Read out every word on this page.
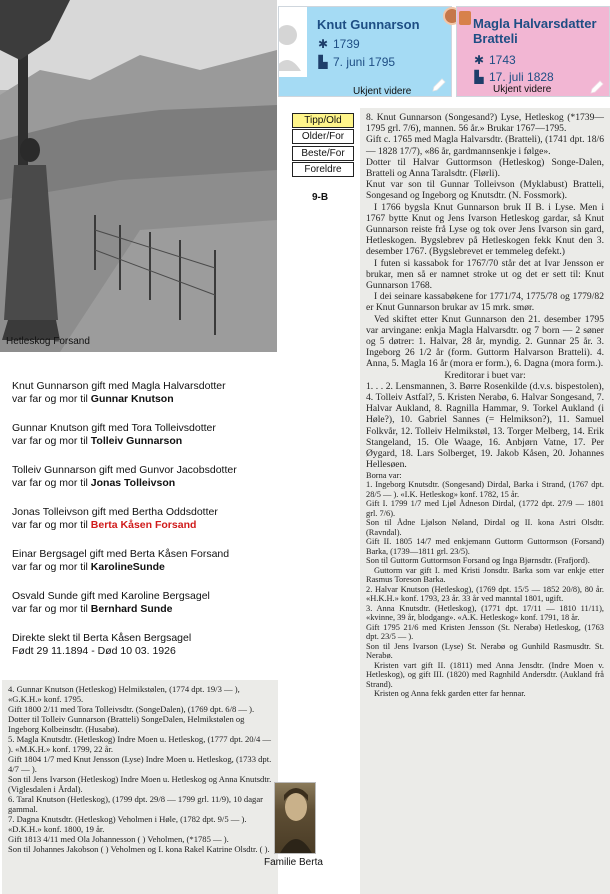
Hetleskog Forsand
Knut Gunnarson
✱ 1739
▙ 7. juni 1795
Ukjent videre
Magla Halvarsdatter Bratteli
✱ 1743
▙ 17. juli 1828
Ukjent videre
Tipp/Old
Older/For
Beste/For
Foreldre
9-B
Knut Gunnarson gift med Magla Halvarsdotter
var far og mor til Gunnar Knutson
Gunnar Knutson gift med Tora Tolleivsdotter
var far og mor til Tolleiv Gunnarson
Tolleiv Gunnarson gift med Gunvor Jacobsdotter
var far og mor til Jonas Tolleivson
Jonas Tolleivson gift med Bertha Oddsdotter
var far og mor til Berta Kåsen Forsand
Einar Bergsagel gift med Berta Kåsen Forsand
var far og mor til KarolineSunde
Osvald Sunde gift med Karoline Bergsagel
var far og mor til Bernhard Sunde
Direkte slekt til Berta Kåsen Bergsagel
Født 29 11.1894 - Død 10 03. 1926

8. Knut Gunnarson (Songesand?) Lyse, Hetleskog (*1739—1795 grl. 7/6), mannen. 56 år.» Brukar 1767—1795.

Gift c. 1765 med Magla Halvarsdtr. (Bratteli), (1741 dpt. 18/6 — 1828 17/7), «86 år, gardmannsenkje i følge».

Dotter til Halvar Guttormson (Hetleskog) Songe-Dalen, Bratteli og Anna Taralsdtr. (Flørli).

Knut var son til Gunnar Tolleivson (Myklabust) Bratteli, Songesand og Ingeborg og Knutsdtr. (N. Fossmork).

I 1766 bygsla Knut Gunnarson bruk II B. i Lyse. Men i 1767 bytte Knut og Jens Ivarson Hetleskog gardar, så Knut Gunnarson reiste frå Lyse og tok over Jens Ivarson sin gard, Hetleskogen. Bygslebrev på Hetleskogen fekk Knut den 3. desember 1767. (Bygslebrevet er temmeleg defekt.)

I futen si kassabok for 1767/70 står det at Ivar Jensson er brukar, men så er namnet stroke ut og det er sett til: Knut Gunnarson 1768.

I dei seinare kassabøkene for 1771/74, 1775/78 og 1779/82 er Knut Gunnarson brukar av 15 mrk. smør.

Ved skiftet etter Knut Gunnarson den 21. desember 1795 var arvingane: enkja Magla Halvarsdtr. og 7 born — 2 søner og 5 døtrer: 1. Halvar, 28 år, myndig. 2. Gunnar 25 år. 3. Ingeborg 26 1/2 år (form. Guttorm Halvarson Bratteli). 4. Anna, 5. Magla 16 år (mora er form.), 6. Dagna (mora form.).

Kreditorar i buet var:

1. . . 2. Lensmannen, 3. Børre Rosenkilde (d.v.s. bispestolen), 4. Tolleiv Astfal?, 5. Kristen Nerabø, 6. Halvar Songesand, 7. Halvar Aukland, 8. Ragnilla Hammar, 9. Torkel Aukland (i Høle?), 10. Gabriel Sannes (= Helmikson?), 11. Samuel Folkvår, 12. Tolleiv Helmikstøl, 13. Torger Melberg, 14. Erik Stangeland, 15. Ole Waage, 16. Anbjørn Vatne, 17. Per Øygard, 18. Lars Solberget, 19. Jakob Kåsen, 20. Johannes Hellesøen.

Borna var:

1. Ingeborg Knutsdtr. (Songesand) Dirdal, Barka i Strand, (1767 dpt. 28/5 — ). «I.K. Hetleskog» konf. 1782, 15 år.

Gift I. 1799 1/7 med Ljøl Ådneson Dirdal, (1772 dpt. 27/9 — 1801 grl. 7/6).

Son til Ådne Ljølson Nøland, Dirdal og II. kona Astri Olsdtr. (Ravndal).

Gift II. 1805 14/7 med enkjemann Guttorm Guttormson (Forsand) Barka, (1739—1811 grl. 23/5).

Son til Guttorm Guttormson Forsand og Inga Bjørnsdtr. (Frafjord).

Guttorm var gift I. med Kristi Jonsdtr. Barka som var enkje etter Rasmus Toreson Barka.

2. Halvar Knutson (Hetleskog), (1769 dpt. 15/5 — 1852 20/8), 80 år. «H.K.H.» konf. 1793, 23 år. 33 år ved manntal 1801, ugift.

3. Anna Knutsdtr. (Hetleskog), (1771 dpt. 17/11 — 1810 11/11), «kvinne, 39 år, blodgang». «A.K. Hetleskog» konf. 1791, 18 år.

Gift 1795 21/6 med Kristen Jensson (St. Nerabø) Hetleskog, (1763 dpt. 23/5 — ).

Son til Jens Ivarson (Lyse) St. Nerabø og Gunhild Rasmusdtr. St. Nerabø.

Kristen vart gift II. (1811) med Anna Jensdtr. (Indre Moen v. Hetleskog), og gift III. (1820) med Ragnhild Andersdtr. (Aukland frå Strand).

Kristen og Anna fekk garden etter far hennar.

4. Gunnar Knutson (Hetleskog) Helmikstølen, (1774 dpt. 19/3 — ), «G.K.H.» konf. 1795.

Gift 1800 2/11 med Tora Tolleivsdtr. (SongeDalen), (1769 dpt. 6/8 — ).

Dotter til Tolleiv Gunnarson (Bratteli) SongeDalen, Helmikstølen og Ingeborg Kolbeinsdtr. (Husabø).

5. Magla Knutsdtr. (Hetleskog) Indre Moen u. Hetleskog, (1777 dpt. 20/4 — ). «M.K.H.» konf. 1799, 22 år.

Gift 1804 1/7 med Knut Jensson (Lyse) Indre Moen u. Hetleskog, (1733 dpt. 4/7 — ).

Son til Jens Ivarson (Hetleskog) Indre Moen u. Hetleskog og Anna Knutsdtr. (Viglesdalen i Årdal).

6. Taral Knutson (Hetleskog), (1799 dpt. 29/8 — 1799 grl. 11/9), 10 dagar gammal.

7. Dagna Knutsdtr. (Hetleskog) Veholmen i Høle, (1782 dpt. 9/5 — ). «D.K.H.» konf. 1800, 19 år.

Gift 1813 4/11 med Ola Johannesson ( ) Veholmen, (*1785 — ).

Son til Johannes Jakobson ( ) Veholmen og I. kona Rakel Katrine Olsdtr. ( ).

Familie Berta
